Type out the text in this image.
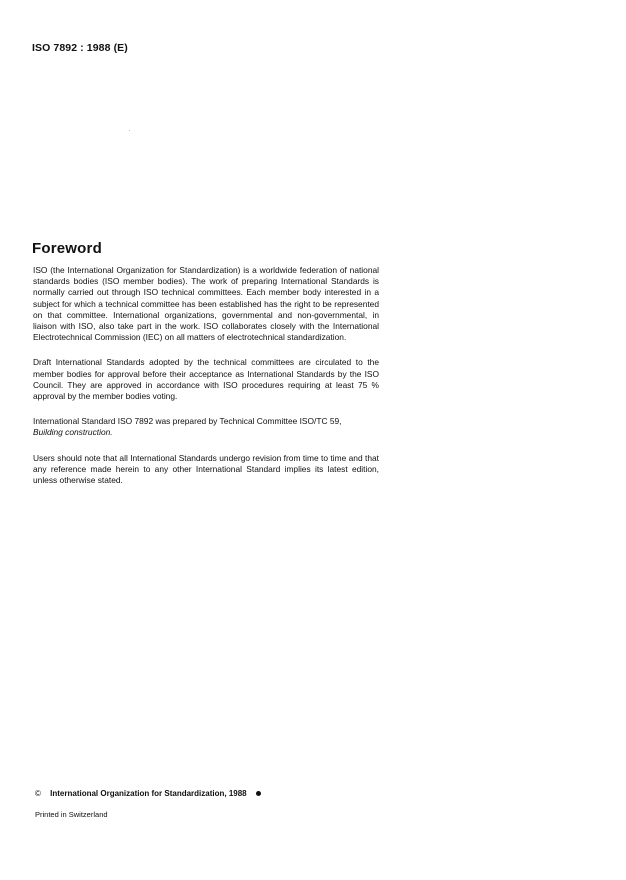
ISO 7892 : 1988 (E)
Foreword

ISO (the International Organization for Standardization) is a worldwide federation of national standards bodies (ISO member bodies). The work of preparing International Standards is normally carried out through ISO technical committees. Each member body interested in a subject for which a technical committee has been established has the right to be represented on that committee. International organizations, governmental and non-governmental, in liaison with ISO, also take part in the work. ISO collaborates closely with the International Electrotechnical Commission (IEC) on all matters of electrotechnical standardization.

Draft International Standards adopted by the technical committees are circulated to the member bodies for approval before their acceptance as International Standards by the ISO Council. They are approved in accordance with ISO procedures requiring at least 75 % approval by the member bodies voting.

International Standard ISO 7892 was prepared by Technical Committee ISO/TC 59,
Building construction.

Users should note that all International Standards undergo revision from time to time and that any reference made herein to any other International Standard implies its latest edition, unless otherwise stated.

© International Organization for Standardization, 1988
Printed in Switzerland
